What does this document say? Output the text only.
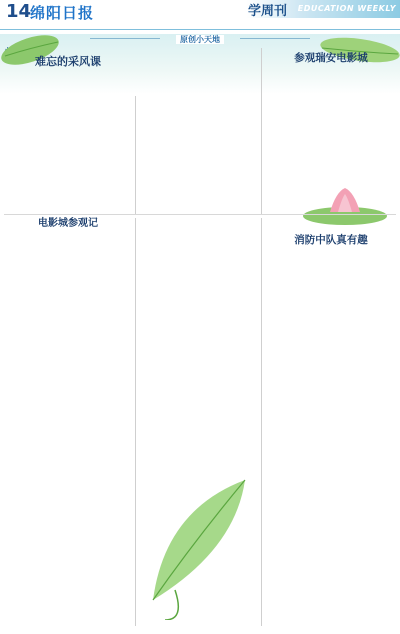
14
绵阳日报	学周刊 EDUCATION WEEKLY
原创小天地
难忘的采风课	参观瑞安电影城
电影城参观记
消防中队真有趣
